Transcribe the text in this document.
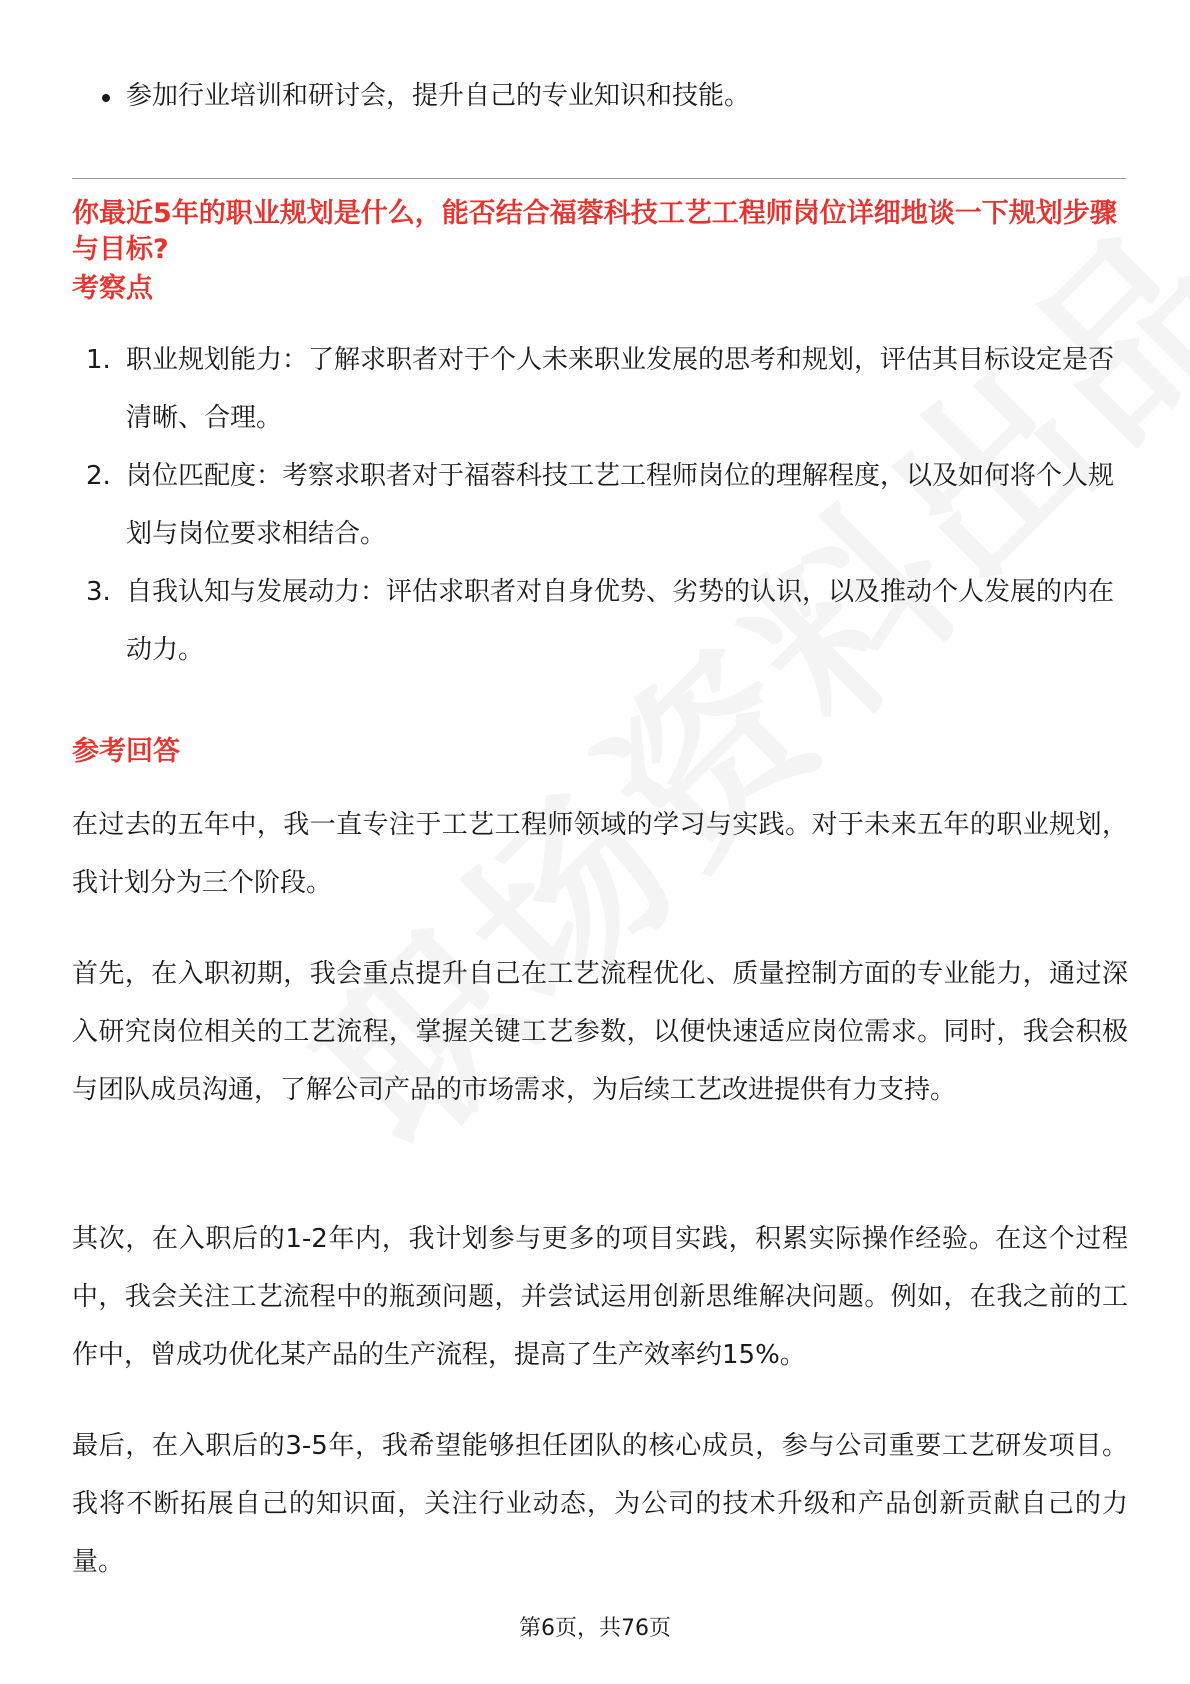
参加行业培训和研讨会，提升自己的专业知识和技能。
你最近5年的职业规划是什么，能否结合福蓉科技工艺工程师岗位详细地谈一下规划步骤与目标?
考察点
1. 职业规划能力：了解求职者对于个人未来职业发展的思考和规划，评估其目标设定是否清晰、合理。
2. 岗位匹配度：考察求职者对于福蓉科技工艺工程师岗位的理解程度，以及如何将个人规划与岗位要求相结合。
3. 自我认知与发展动力：评估求职者对自身优势、劣势的认识，以及推动个人发展的内在动力。
参考回答
在过去的五年中，我一直专注于工艺工程师领域的学习与实践。对于未来五年的职业规划，我计划分为三个阶段。
首先，在入职初期，我会重点提升自己在工艺流程优化、质量控制方面的专业能力，通过深入研究岗位相关的工艺流程，掌握关键工艺参数，以便快速适应岗位需求。同时，我会积极与团队成员沟通，了解公司产品的市场需求，为后续工艺改进提供有力支持。
其次，在入职后的1-2年内，我计划参与更多的项目实践，积累实际操作经验。在这个过程中，我会关注工艺流程中的瓶颈问题，并尝试运用创新思维解决问题。例如，在我之前的工作中，曾成功优化某产品的生产流程，提高了生产效率约15%。
最后，在入职后的3-5年，我希望能够担任团队的核心成员，参与公司重要工艺研发项目。我将不断拓展自己的知识面，关注行业动态，为公司的技术升级和产品创新贡献自己的力量。
第6页，共76页
